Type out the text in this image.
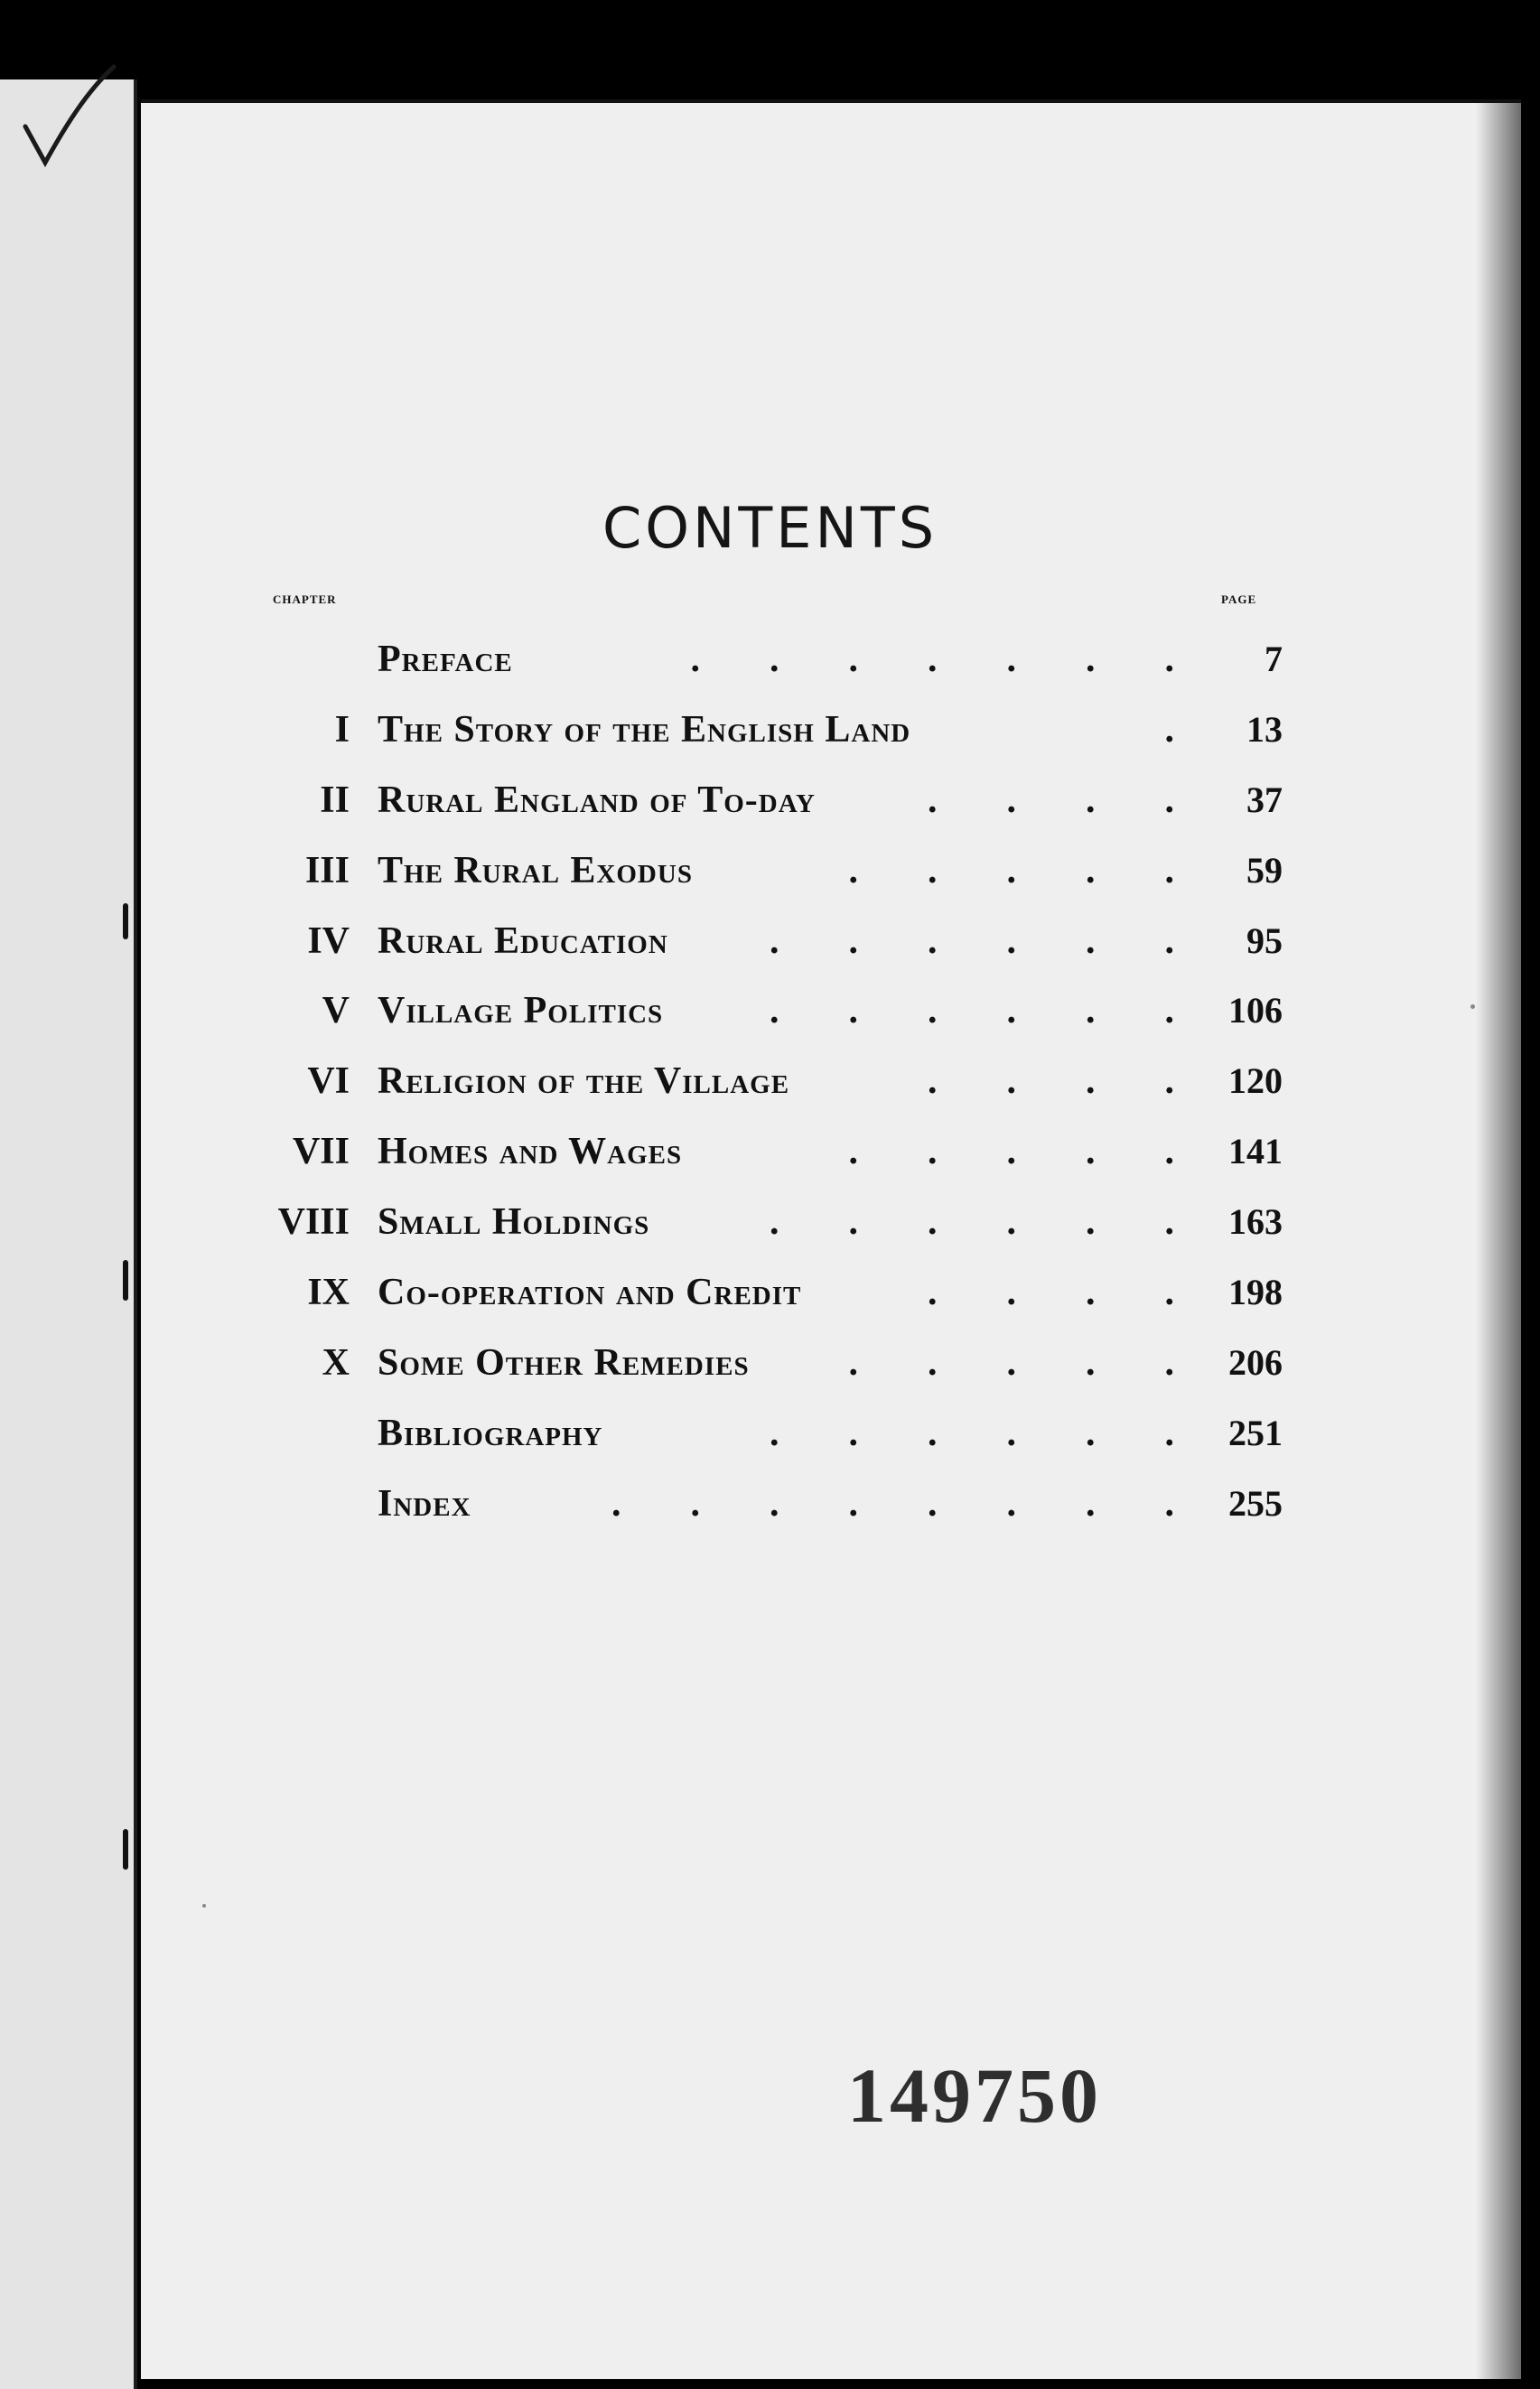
CONTENTS
chapter	page
Preface	. . . . . . .	7
I The Story of the English Land	.	13
II Rural England of To-day	. . . .	37
III The Rural Exodus	. . . . .	59
IV Rural Education	. . . . . .	95
V Village Politics	. . . . . .	106
VI Religion of the Village	. . . .	120
VII Homes and Wages	. . . . .	141
VIII Small Holdings	. . . . . .	163
IX Co-operation and Credit	. . . .	198
X Some Other Remedies	. . . . .	206
Bibliography	. . . . . .	251
Index	. . . . . . . .	255
149750
